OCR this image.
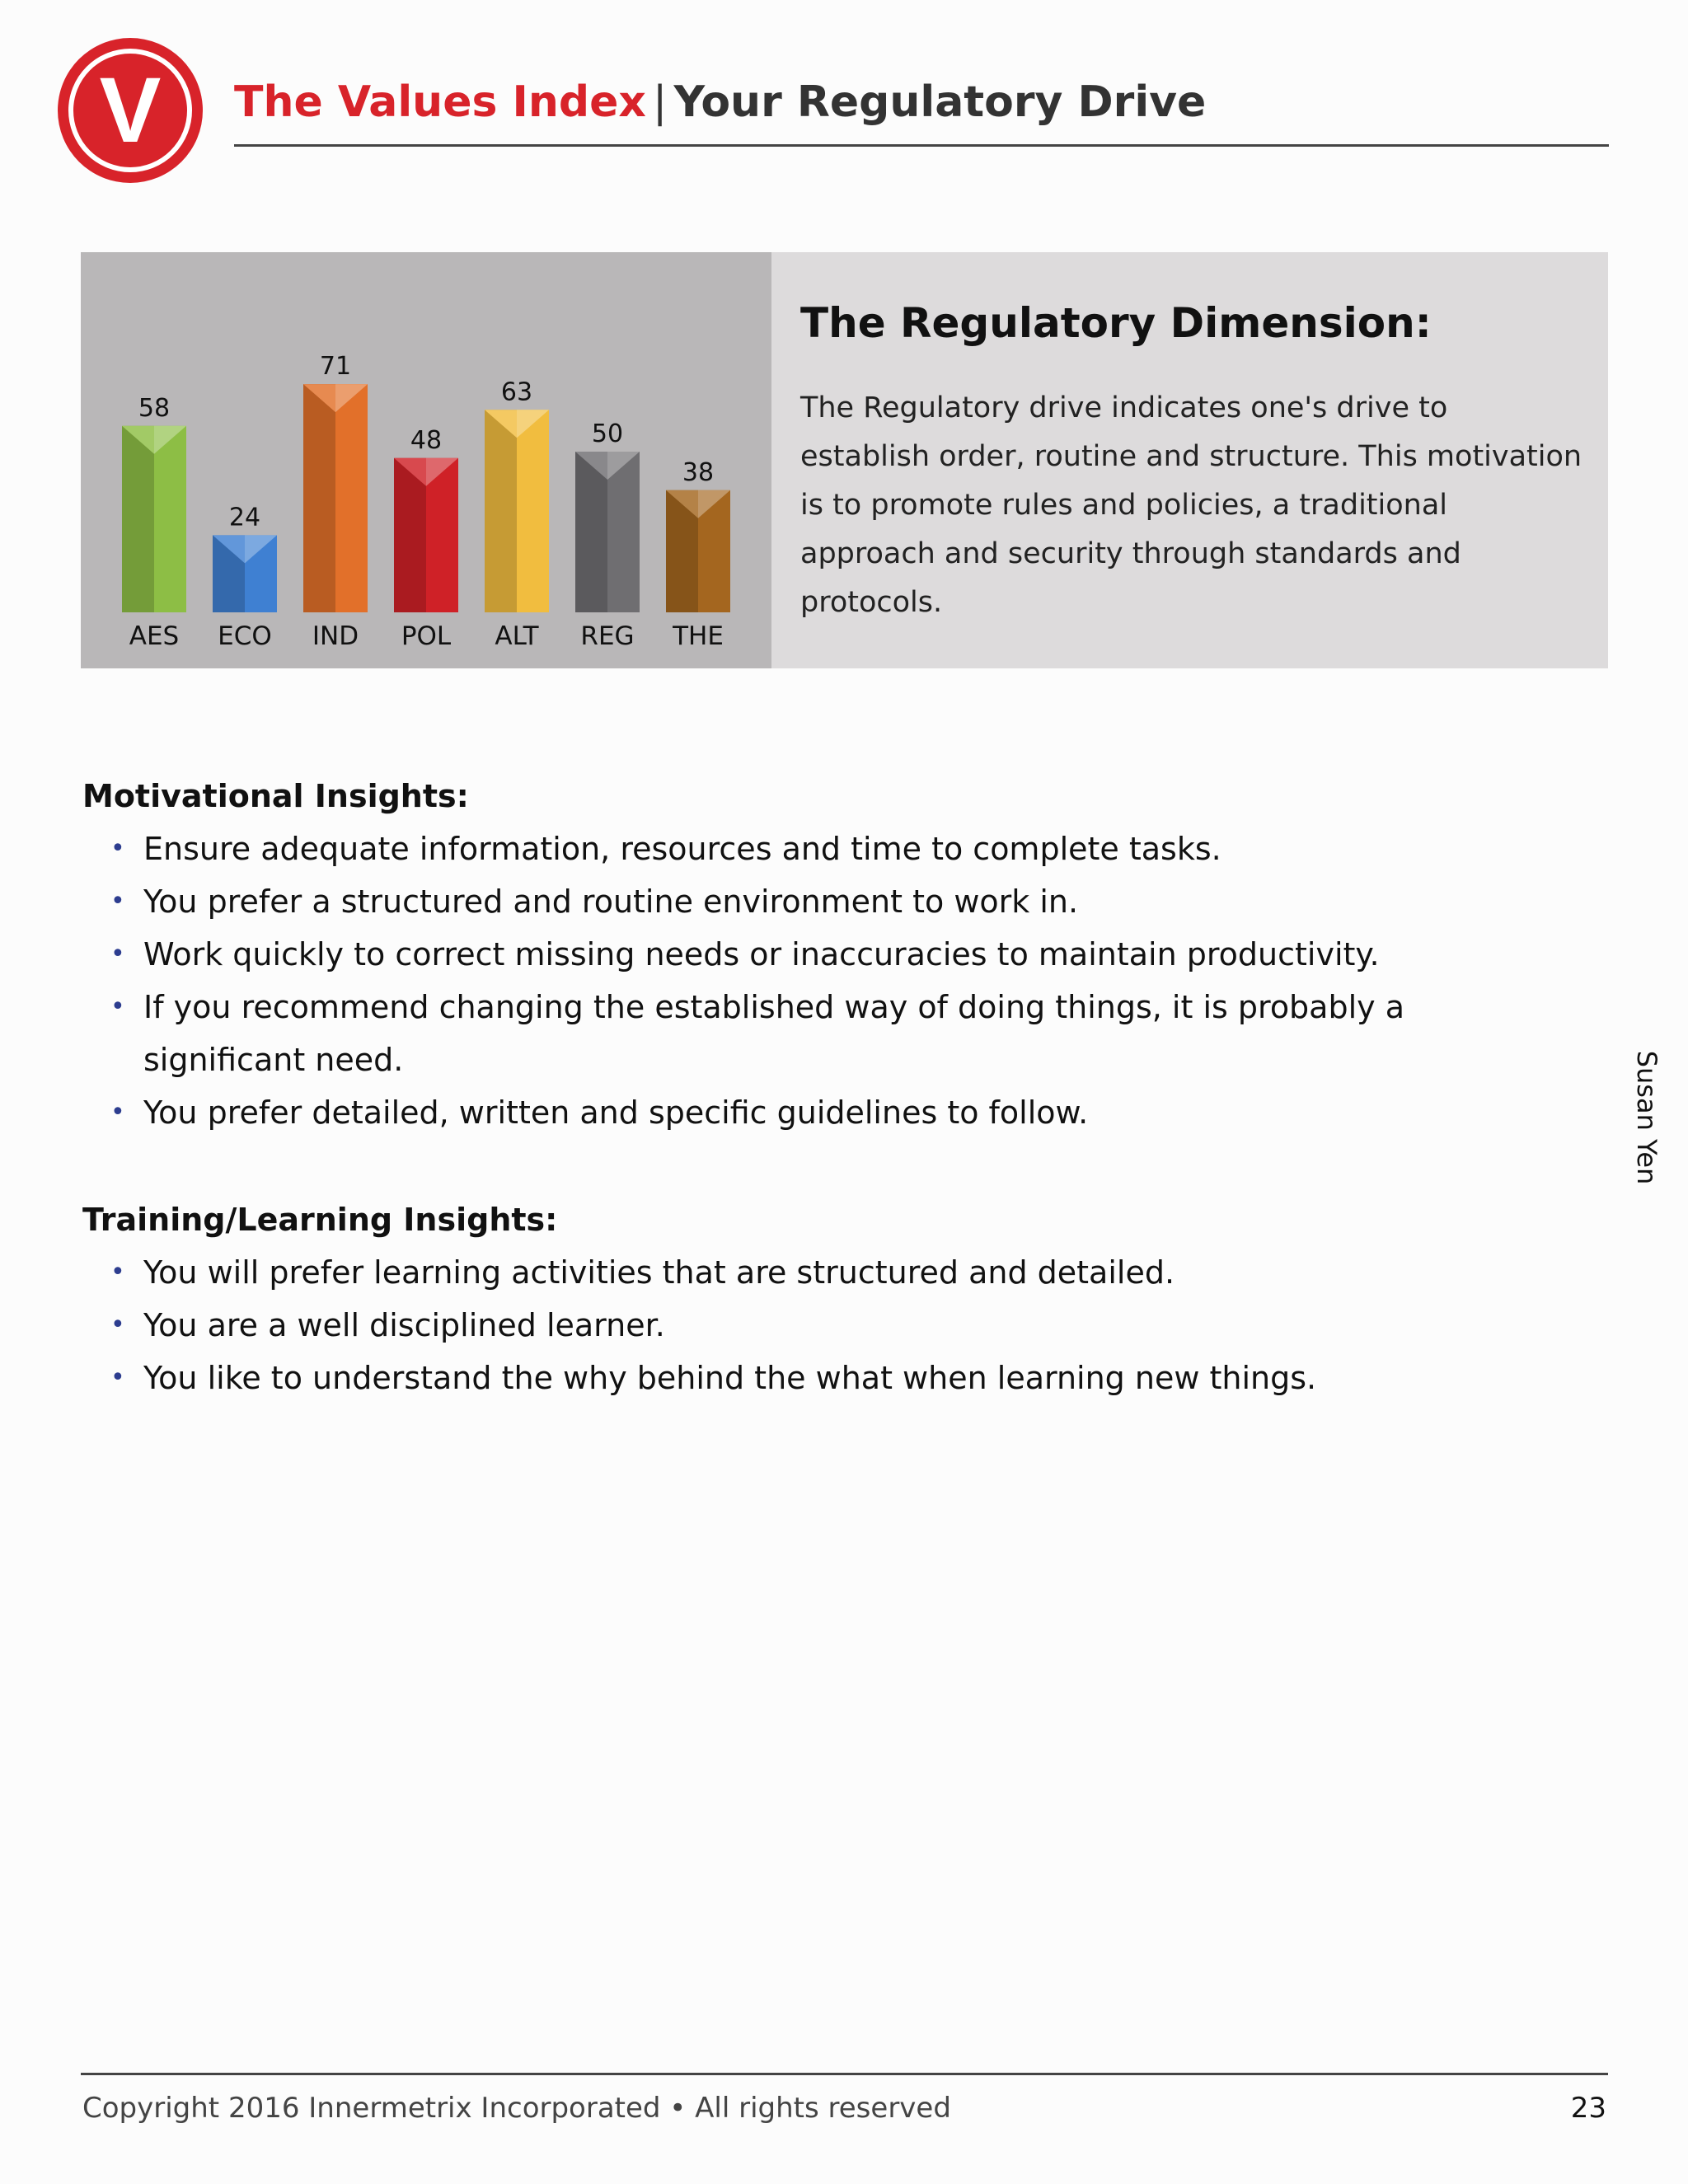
V The Values Index | Your Regulatory Drive
58
AES
24
ECO
71
IND
48
POL
63
ALT
50
REG
38
THE
The Regulatory Dimension:
The Regulatory drive indicates one's drive to establish order, routine and structure. This motivation is to promote rules and policies, a traditional approach and security through standards and protocols.
Motivational Insights:
• Ensure adequate information, resources and time to complete tasks.
• You prefer a structured and routine environment to work in.
• Work quickly to correct missing needs or inaccuracies to maintain productivity.
• If you recommend changing the established way of doing things, it is probably a significant need.
• You prefer detailed, written and specific guidelines to follow.
Training/Learning Insights:
• You will prefer learning activities that are structured and detailed.
• You are a well disciplined learner.
• You like to understand the why behind the what when learning new things.
Susan Yen
Copyright 2016 Innermetrix Incorporated • All rights reserved	23
